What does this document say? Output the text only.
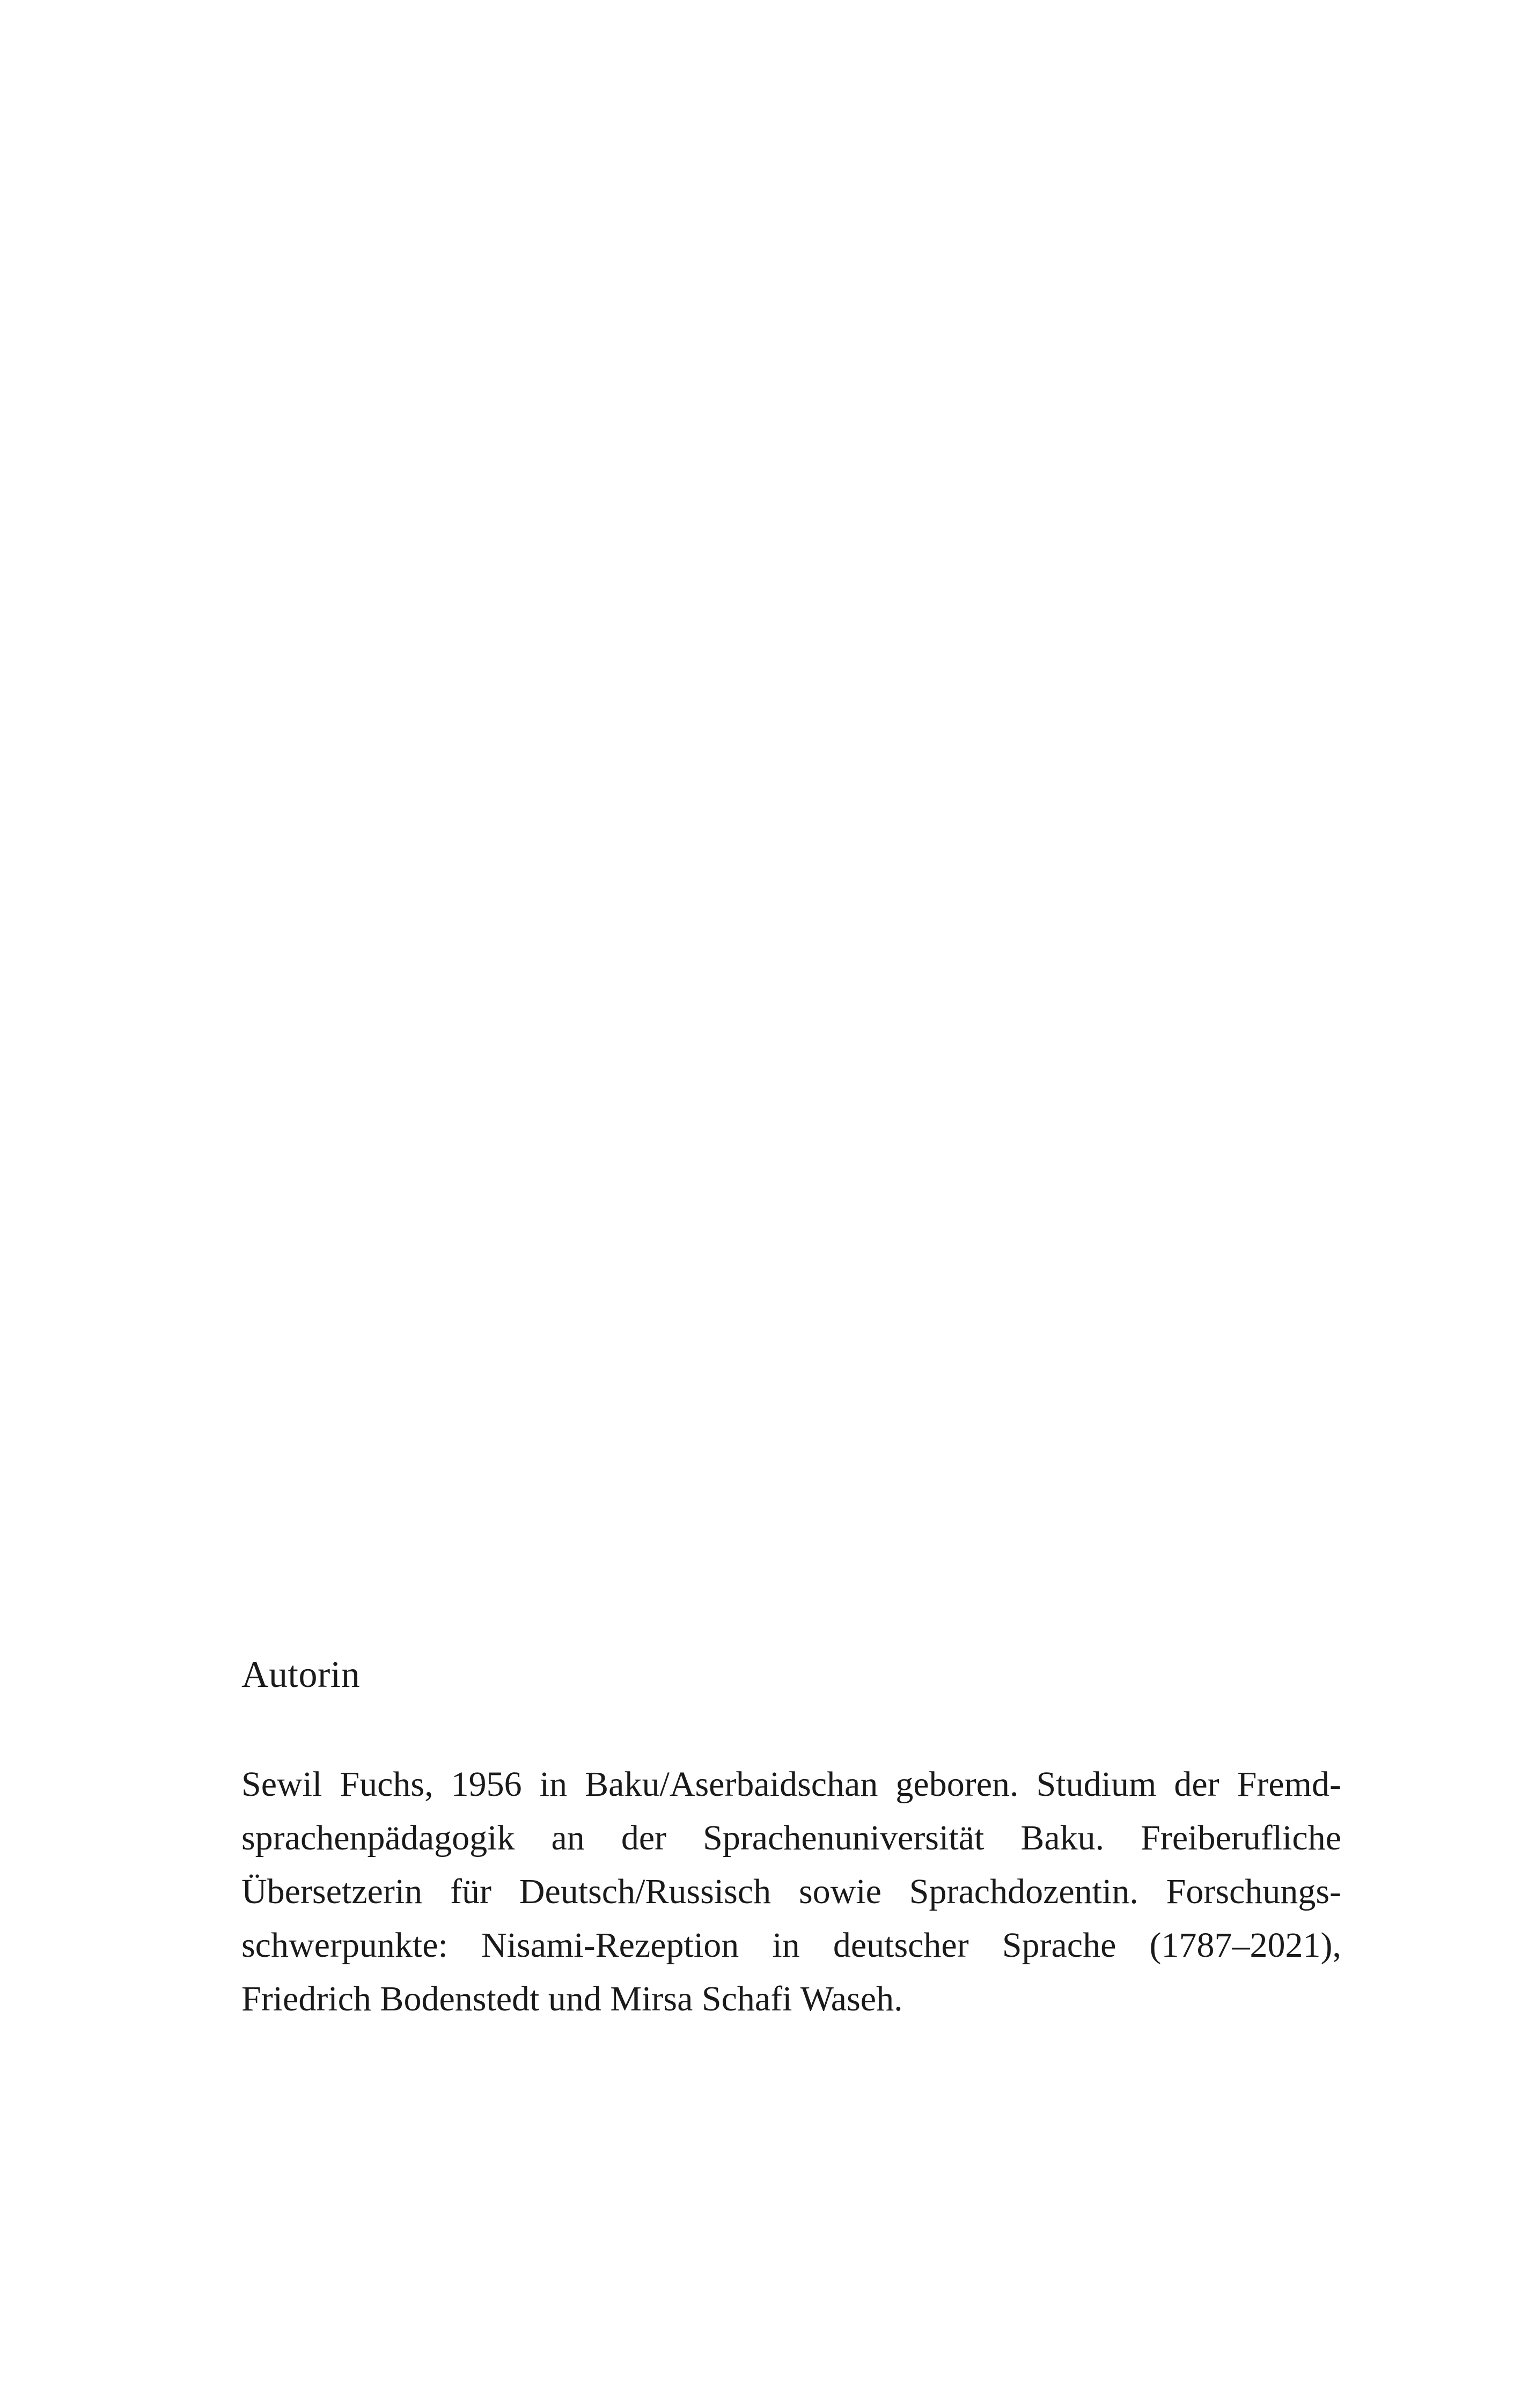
Autorin

Sewil Fuchs, 1956 in Baku/Aserbaidschan geboren. Studium der Fremd-
sprachenpädagogik an der Sprachenuniversität Baku. Freiberufliche
Übersetzerin für Deutsch/Russisch sowie Sprachdozentin. Forschungs-
schwerpunkte: Nisami-Rezeption in deutscher Sprache (1787–2021),
Friedrich Bodenstedt und Mirsa Schafi Waseh.
